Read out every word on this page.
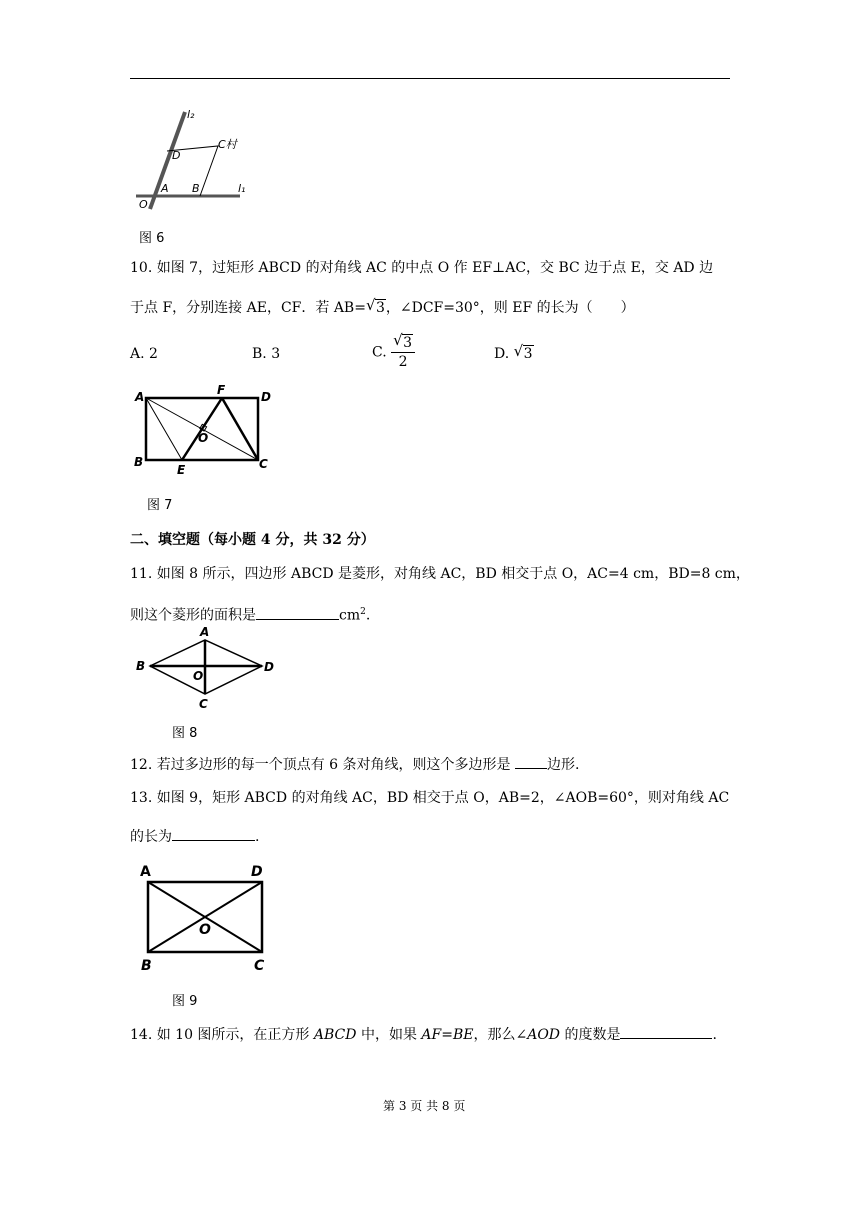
l₂
l₁
D
C村
A B
O
图 6
10. 如图 7，过矩形 ABCD 的对角线 AC 的中点 O 作 EF⊥AC，交 BC 边于点 E，交 AD 边
于点 F，分别连接 AE，CF．若 AB= √ 3，∠DCF=30°，则 EF 的长为（　　）
A. 2	B. 3	C. $\frac{√ 3}{2}$	D. √ 3
A	F	D
O
B
E	C
图 7
二、填空题（每小题 4 分，共 32 分）
11. 如图 8 所示，四边形 ABCD 是菱形，对角线 AC，BD 相交于点 O，AC=4 cm，BD=8 cm，
则这个菱形的面积是	$cm^2$.
A
B	D
O
C
图 8
12. 若过多边形的每一个顶点有 6 条对角线，则这个多边形是 边形.
13. 如图 9，矩形 ABCD 的对角线 AC，BD 相交于点 O，AB=2，∠AOB=60°，则对角线 AC
的长为	.
A	D
O
B	C
图 9
14. 如 10 图所示，在正方形 ABCD 中，如果 AF=BE，那么∠AOD 的度数是	.
第 3 页 共 8 页
